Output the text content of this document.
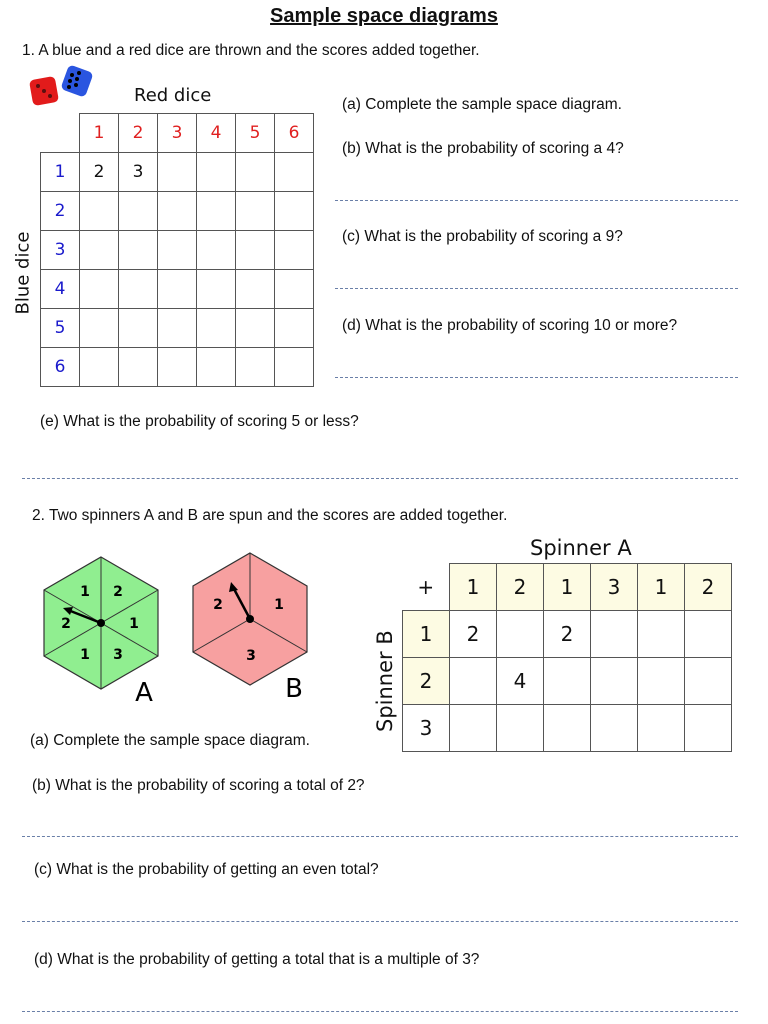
Sample space diagrams
1. A blue and a red dice are thrown and the scores added together.
Red dice
Blue dice
	1	2	3	4	5	6
1	2	3				
2						
3						
4						
5						
6						
(a) Complete the sample space diagram.
(b) What is the probability of scoring a 4?
(c) What is the probability of scoring a 9?
(d) What is the probability of scoring 10 or more?
(e) What is the probability of scoring 5 or less?
2. Two spinners A and B are spun and the scores are added together.
1 2
1
3
1
2
A
1
3
2
B
Spinner A
Spinner B
+	1	2	1	3	1	2
1	2		2			
2		4				
3						
(a) Complete the sample space diagram.
(b) What is the probability of scoring a total of 2?
(c) What is the probability of getting an even total?
(d) What is the probability of getting a total that is a multiple of 3?
